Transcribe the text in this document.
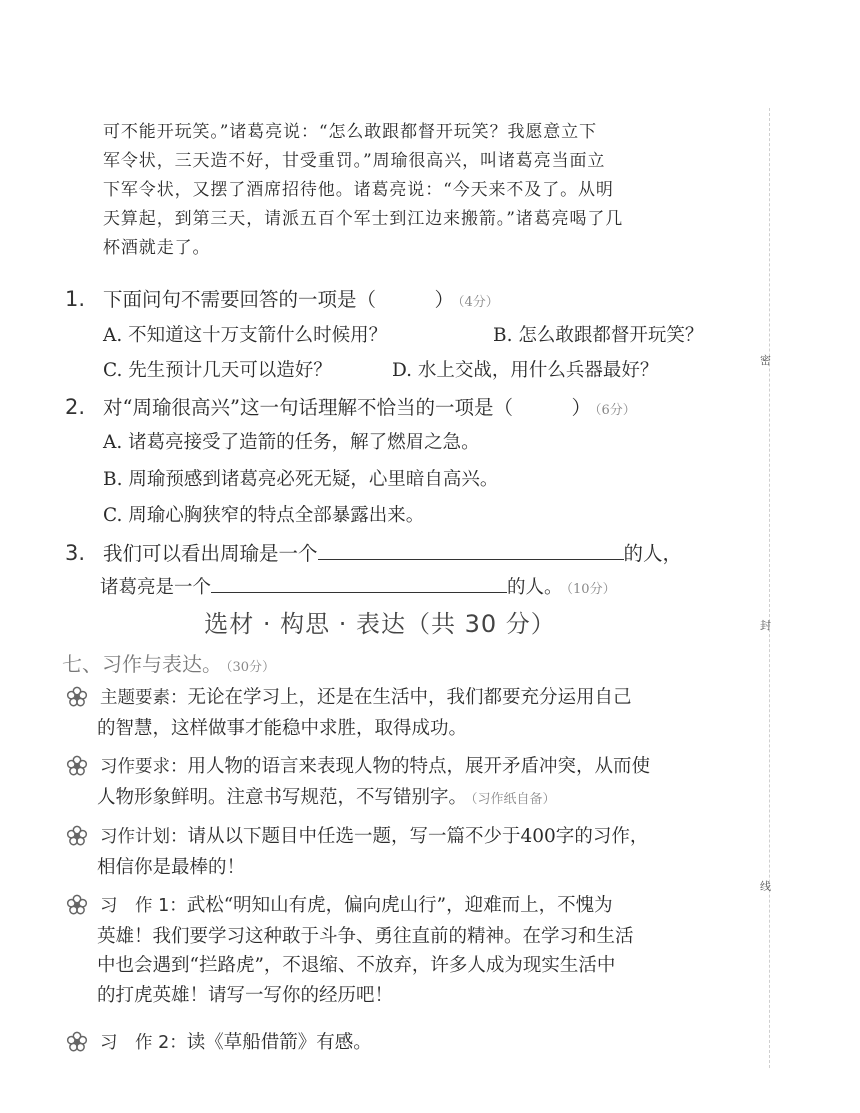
可不能开玩笑。”诸葛亮说：“怎么敢跟都督开玩笑？我愿意立下

军令状，三天造不好，甘受重罚。”周瑜很高兴，叫诸葛亮当面立

下军令状，又摆了酒席招待他。诸葛亮说：“今天来不及了。从明

天算起，到第三天，请派五百个军士到江边来搬箭。”诸葛亮喝了几

杯酒就走了。

1. 下面问句不需要回答的一项是（　　　） （4分）
A. 不知道这十万支箭什么时候用？	B. 怎么敢跟都督开玩笑？
C. 先生预计几天可以造好？	D. 水上交战，用什么兵器最好？
2. 对“周瑜很高兴”这一句话理解不恰当的一项是（　　　） （6分）
A. 诸葛亮接受了造箭的任务，解了燃眉之急。
B. 周瑜预感到诸葛亮必死无疑，心里暗自高兴。
C. 周瑜心胸狭窄的特点全部暴露出来。
3. 我们可以看出周瑜是一个	的人，
诸葛亮是一个	的人。 （10分）
选材 · 构思 · 表达（共 30 分）
七、习作与表达。 （30分）
主题要素：无论在学习上，还是在生活中，我们都要充分运用自己
的智慧，这样做事才能稳中求胜，取得成功。
习作要求：用人物的语言来表现人物的特点，展开矛盾冲突，从而使
人物形象鲜明。注意书写规范，不写错别字。 （习作纸自备）
习作计划：请从以下题目中任选一题，写一篇不少于400字的习作，
相信你是最棒的！
习　作 1：武松“明知山有虎，偏向虎山行”，迎难而上，不愧为
英雄！我们要学习这种敢于斗争、勇往直前的精神。在学习和生活
中也会遇到“拦路虎”，不退缩、不放弃，许多人成为现实生活中
的打虎英雄！请写一写你的经历吧！
习　作 2：读《草船借箭》有感。
密
封
线
